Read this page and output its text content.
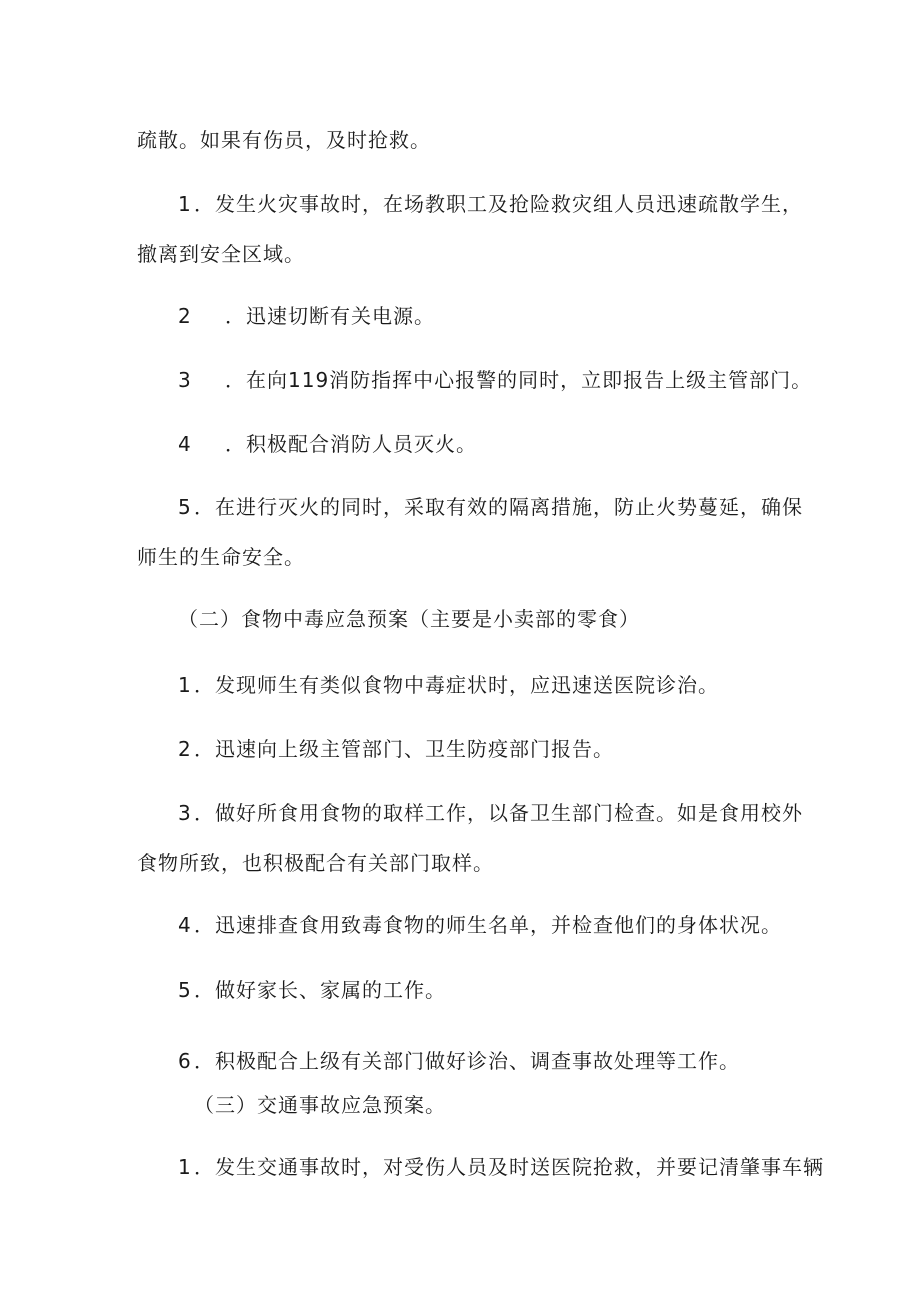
疏散。如果有伤员，及时抢救。
1 ．发生火灾事故时，在场教职工及抢险救灾组人员迅速疏散学生，
撤离到安全区域。
2 ．迅速切断有关电源。
3 ．在向119消防指挥中心报警的同时，立即报告上级主管部门。
4 ．积极配合消防人员灭火。
5 ．在进行灭火的同时，采取有效的隔离措施，防止火势蔓延，确保
师生的生命安全。
（二）食物中毒应急预案（主要是小卖部的零食）
1 ．发现师生有类似食物中毒症状时，应迅速送医院诊治。
2 ．迅速向上级主管部门、卫生防疫部门报告。
3 ．做好所食用食物的取样工作，以备卫生部门检查。如是食用校外
食物所致，也积极配合有关部门取样。
4 ．迅速排查食用致毒食物的师生名单，并检查他们的身体状况。
5 ．做好家长、家属的工作。
6 ．积极配合上级有关部门做好诊治、调查事故处理等工作。
（三）交通事故应急预案。
1 ．发生交通事故时，对受伤人员及时送医院抢救，并要记清肇事车辆
